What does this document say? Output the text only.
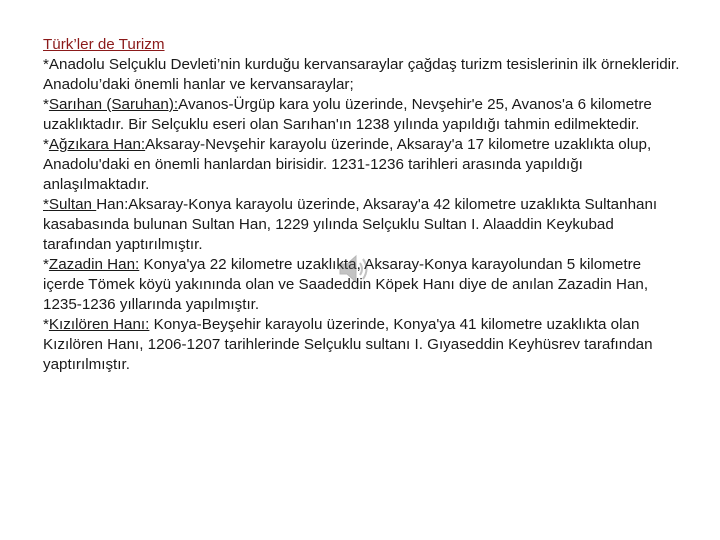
Türk’ler de Turizm
*Anadolu Selçuklu Devleti’nin kurduğu kervansaraylar çağdaş turizm tesislerinin ilk örnekleridir.
Anadolu’daki önemli hanlar ve kervansaraylar;
*Sarıhan (Saruhan):Avanos-Ürgüp kara yolu üzerinde, Nevşehir'e 25, Avanos'a 6 kilometre uzaklıktadır. Bir Selçuklu eseri olan Sarıhan'ın 1238 yılında yapıldığı tahmin edilmektedir.
*Ağzıkara Han:Aksaray-Nevşehir karayolu üzerinde, Aksaray'a 17 kilometre uzaklıkta olup, Anadolu'daki en önemli hanlardan birisidir. 1231-1236 tarihleri arasında yapıldığı anlaşılmaktadır.
*Sultan Han:Aksaray-Konya karayolu üzerinde, Aksaray'a 42 kilometre uzaklıkta Sultanhanı kasabasında bulunan Sultan Han, 1229 yılında Selçuklu Sultan I. Alaaddin Keykubad tarafından yaptırılmıştır.
*Zazadin Han: Konya'ya 22 kilometre uzaklıkta, Aksaray-Konya karayolundan 5 kilometre içerde Tömek köyü yakınında olan ve Saadeddin Köpek Hanı diye de anılan Zazadin Han, 1235-1236 yıllarında yapılmıştır.
*Kızılören Hanı: Konya-Beyşehir karayolu üzerinde, Konya'ya 41 kilometre uzaklıkta olan Kızılören Hanı, 1206-1207 tarihlerinde Selçuklu sultanı I. Gıyaseddin Keyhüsrev tarafından yaptırılmıştır.
